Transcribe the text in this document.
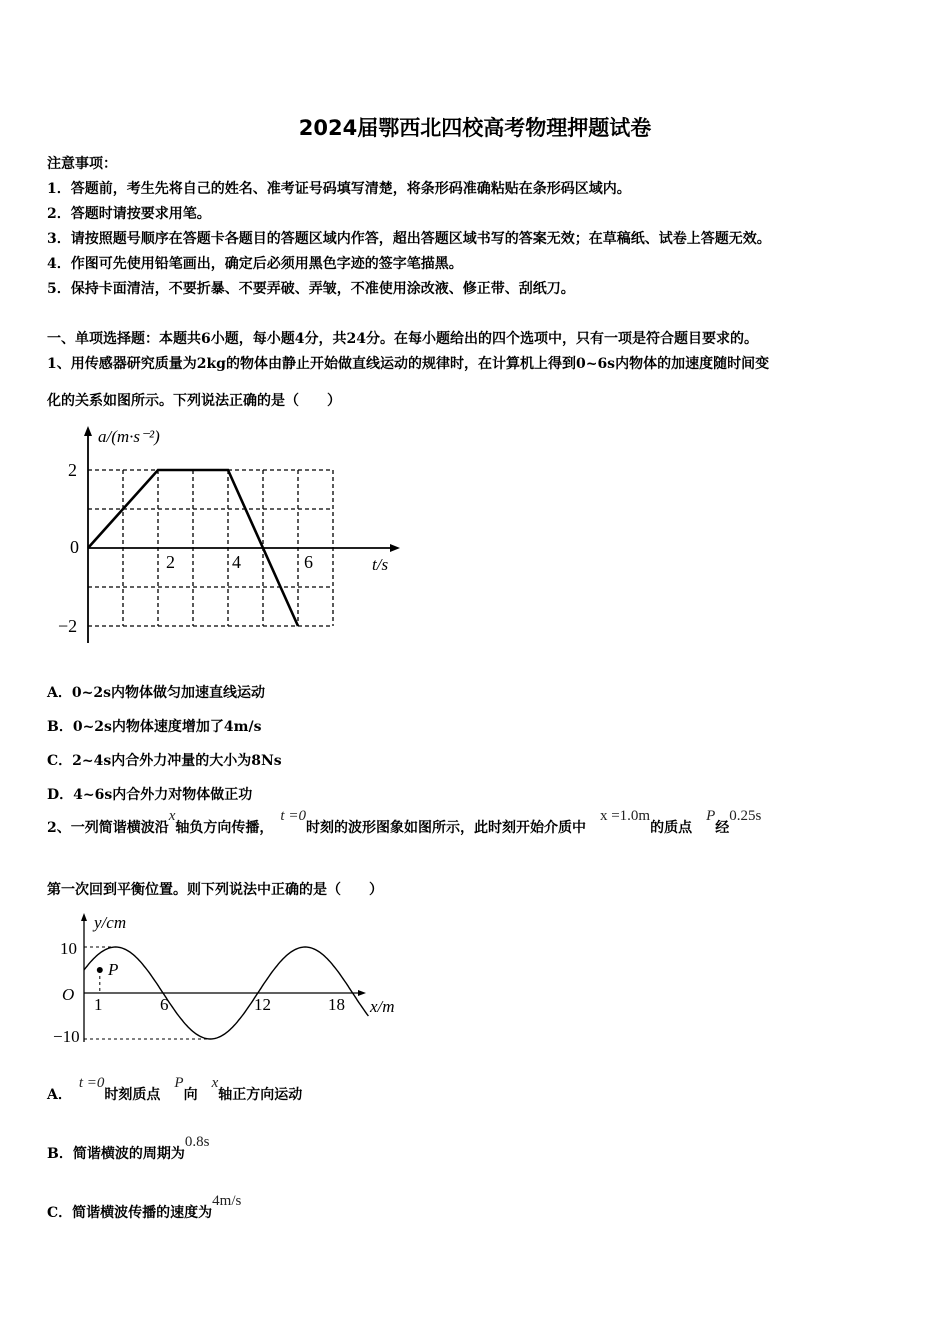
2024届鄂西北四校高考物理押题试卷
注意事项：
1．答题前，考生先将自己的姓名、准考证号码填写清楚，将条形码准确粘贴在条形码区域内。
2．答题时请按要求用笔。
3．请按照题号顺序在答题卡各题目的答题区域内作答，超出答题区域书写的答案无效；在草稿纸、试卷上答题无效。
4．作图可先使用铅笔画出，确定后必须用黑色字迹的签字笔描黑。
5．保持卡面清洁，不要折暴、不要弄破、弄皱，不准使用涂改液、修正带、刮纸刀。
一、单项选择题：本题共6小题，每小题4分，共24分。在每小题给出的四个选项中，只有一项是符合题目要求的。
1、用传感器研究质量为2kg的物体由静止开始做直线运动的规律时，在计算机上得到0~6s内物体的加速度随时间变
化的关系如图所示。下列说法正确的是（　　）
a/(m·s⁻²)
t/s
0
2
−2
2	4	6
A．0~2s内物体做匀加速直线运动
B．0~2s内物体速度增加了4m/s
C．2~4s内合外力冲量的大小为8Ns
D．4~6s内合外力对物体做正功
2、一列简谐横波沿x轴负方向传播，　t =0时刻的波形图象如图所示，此时刻开始介质中　x =1.0m的质点　P经0.25s
第一次回到平衡位置。则下列说法中正确的是（　　）
y/cm
x/m
O
10
−10
1	6	12	18
P
A．　t =0时刻质点　P向　x轴正方向运动
B．简谐横波的周期为0.8s
C．简谐横波传播的速度为4m/s
